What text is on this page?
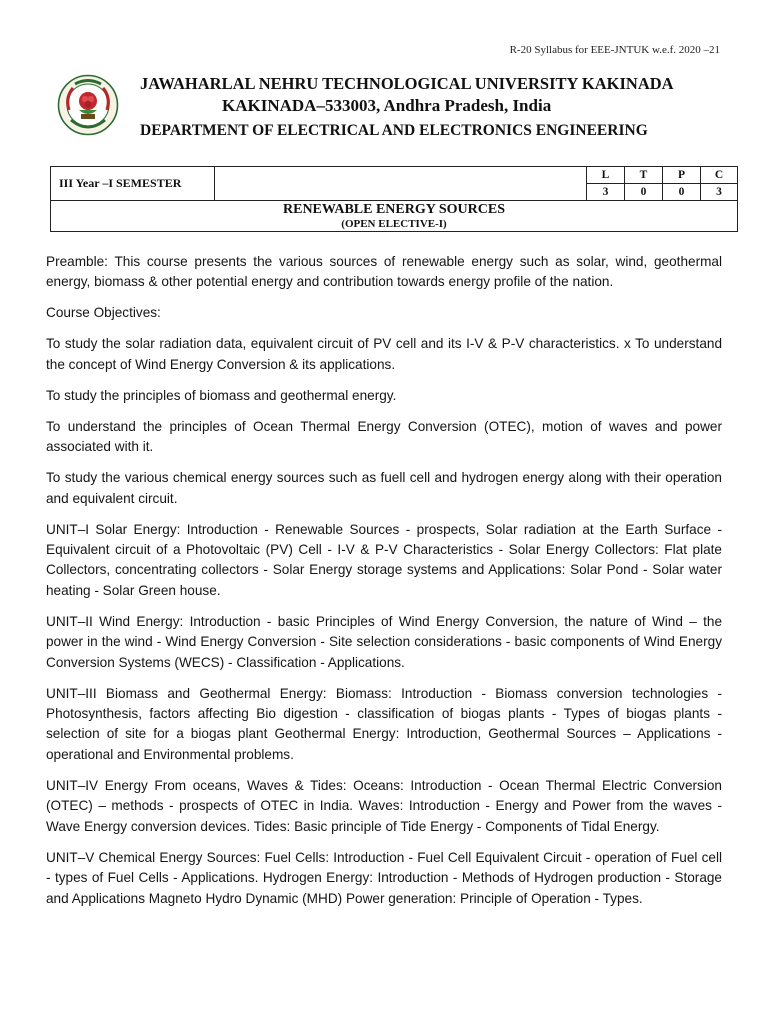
R-20 Syllabus for EEE-JNTUK w.e.f. 2020 –21
JAWAHARLAL NEHRU TECHNOLOGICAL UNIVERSITY KAKINADA
KAKINADA–533003, Andhra Pradesh, India
DEPARTMENT OF ELECTRICAL AND ELECTRONICS ENGINEERING
III Year –I SEMESTER		L	T	P	C
		3	0	0	3

RENEWABLE ENERGY SOURCES
(OPEN ELECTIVE-I)					

Preamble: This course presents the various sources of renewable energy such as solar, wind, geothermal energy, biomass & other potential energy and contribution towards energy profile of the nation.

Course Objectives:

To study the solar radiation data, equivalent circuit of PV cell and its I-V & P-V characteristics. x To understand the concept of Wind Energy Conversion & its applications.

To study the principles of biomass and geothermal energy.

To understand the principles of Ocean Thermal Energy Conversion (OTEC), motion of waves and power associated with it.

To study the various chemical energy sources such as fuell cell and hydrogen energy along with their operation and equivalent circuit.

UNIT–I Solar Energy: Introduction - Renewable Sources - prospects, Solar radiation at the Earth Surface - Equivalent circuit of a Photovoltaic (PV) Cell - I-V & P-V Characteristics - Solar Energy Collectors: Flat plate Collectors, concentrating collectors - Solar Energy storage systems and Applications: Solar Pond - Solar water heating - Solar Green house.

UNIT–II Wind Energy: Introduction - basic Principles of Wind Energy Conversion, the nature of Wind – the power in the wind - Wind Energy Conversion - Site selection considerations - basic components of Wind Energy Conversion Systems (WECS) - Classification - Applications.

UNIT–III Biomass and Geothermal Energy: Biomass: Introduction - Biomass conversion technologies - Photosynthesis, factors affecting Bio digestion - classification of biogas plants - Types of biogas plants - selection of site for a biogas plant Geothermal Energy: Introduction, Geothermal Sources – Applications - operational and Environmental problems.

UNIT–IV Energy From oceans, Waves & Tides: Oceans: Introduction - Ocean Thermal Electric Conversion (OTEC) – methods - prospects of OTEC in India. Waves: Introduction - Energy and Power from the waves - Wave Energy conversion devices. Tides: Basic principle of Tide Energy - Components of Tidal Energy.

UNIT–V Chemical Energy Sources: Fuel Cells: Introduction - Fuel Cell Equivalent Circuit - operation of Fuel cell - types of Fuel Cells - Applications. Hydrogen Energy: Introduction - Methods of Hydrogen production - Storage and Applications Magneto Hydro Dynamic (MHD) Power generation: Principle of Operation - Types.
